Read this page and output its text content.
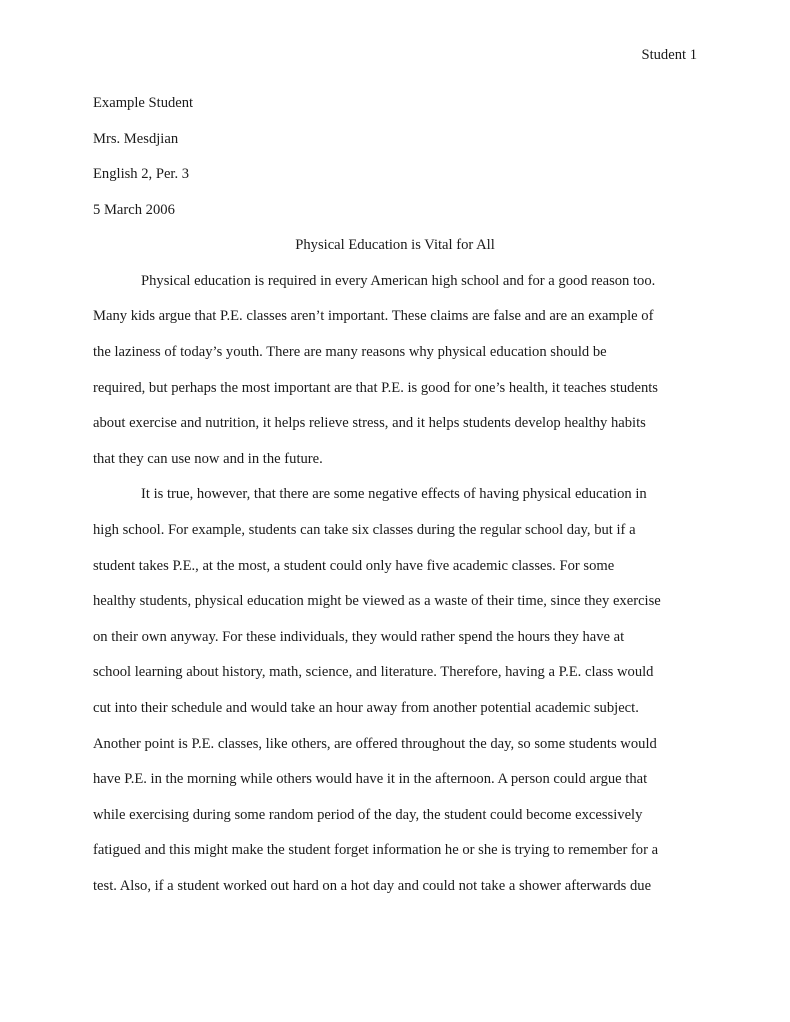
Student 1
Example Student
Mrs. Mesdjian
English 2, Per. 3
5 March 2006
Physical Education is Vital for All
Physical education is required in every American high school and for a good reason too.
Many kids argue that P.E. classes aren’t important. These claims are false and are an example of
the laziness of today’s youth. There are many reasons why physical education should be
required, but perhaps the most important are that P.E. is good for one’s health, it teaches students
about exercise and nutrition, it helps relieve stress, and it helps students develop healthy habits
that they can use now and in the future.
It is true, however, that there are some negative effects of having physical education in
high school. For example, students can take six classes during the regular school day, but if a
student takes P.E., at the most, a student could only have five academic classes. For some
healthy students, physical education might be viewed as a waste of their time, since they exercise
on their own anyway. For these individuals, they would rather spend the hours they have at
school learning about history, math, science, and literature. Therefore, having a P.E. class would
cut into their schedule and would take an hour away from another potential academic subject.
Another point is P.E. classes, like others, are offered throughout the day, so some students would
have P.E. in the morning while others would have it in the afternoon. A person could argue that
while exercising during some random period of the day, the student could become excessively
fatigued and this might make the student forget information he or she is trying to remember for a
test. Also, if a student worked out hard on a hot day and could not take a shower afterwards due
